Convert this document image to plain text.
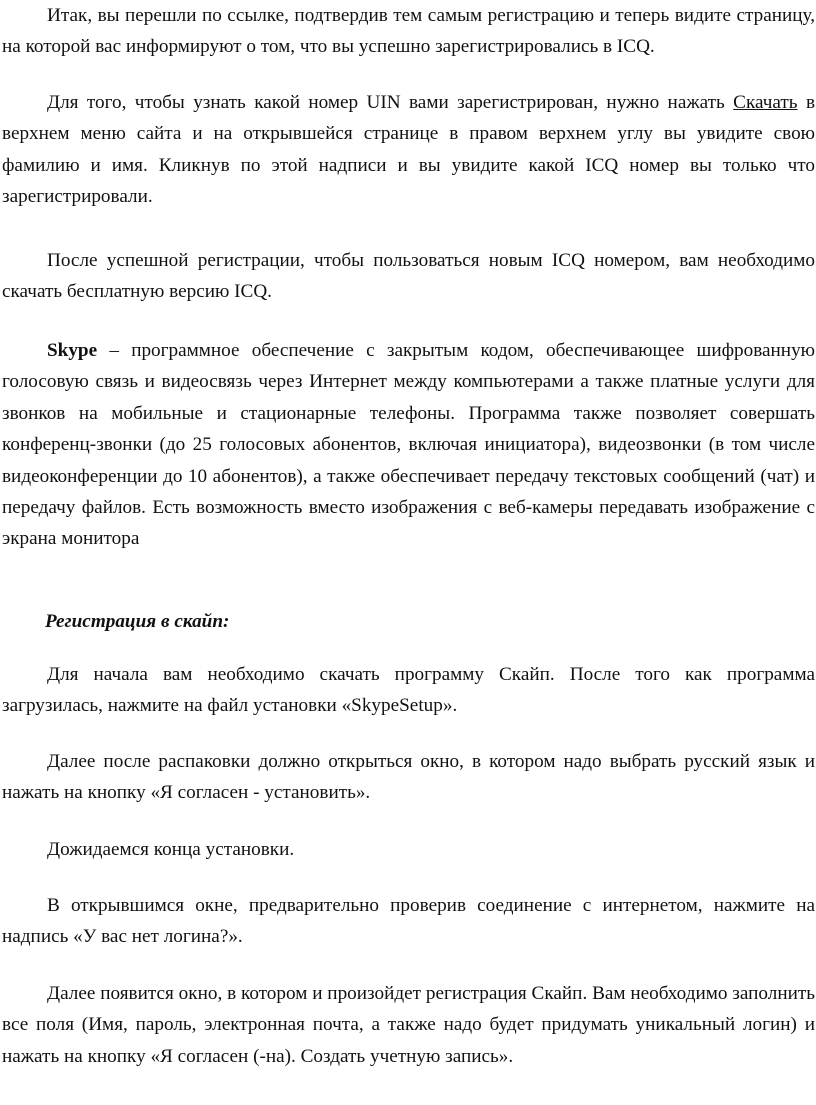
Итак, вы перешли по ссылке, подтвердив тем самым регистрацию и теперь видите страницу, на которой вас информируют о том, что вы успешно зарегистрировались в ICQ.

Для того, чтобы узнать какой номер UIN вами зарегистрирован, нужно нажать Скачать в верхнем меню сайта и на открывшейся странице в правом верхнем углу вы увидите свою фамилию и имя. Кликнув по этой надписи и вы увидите какой ICQ номер вы только что зарегистрировали.

После успешной регистрации, чтобы пользоваться новым ICQ номером, вам необходимо скачать бесплатную версию ICQ.

Skype – программное обеспечение с закрытым кодом, обеспечивающее шифрованную голосовую связь и видеосвязь через Интернет между компьютерами а также платные услуги для звонков на мобильные и стационарные телефоны. Программа также позволяет совершать конференц-звонки (до 25 голосовых абонентов, включая инициатора), видеозвонки (в том числе видеоконференции до 10 абонентов), а также обеспечивает передачу текстовых сообщений (чат) и передачу файлов. Есть возможность вместо изображения с веб-камеры передавать изображение с экрана монитора

Регистрация в скайп:

Для начала вам необходимо скачать программу Скайп. После того как программа загрузилась, нажмите на файл установки «SkypeSetup».

Далее после распаковки должно открыться окно, в котором надо выбрать русский язык и нажать на кнопку «Я согласен - установить».

Дожидаемся конца установки.

В открывшимся окне, предварительно проверив соединение с интернетом, нажмите на надпись «У вас нет логина?».

Далее появится окно, в котором и произойдет регистрация Скайп. Вам необходимо заполнить все поля (Имя, пароль, электронная почта, а также надо будет придумать уникальный логин) и нажать на кнопку «Я согласен (-на). Создать учетную запись».
